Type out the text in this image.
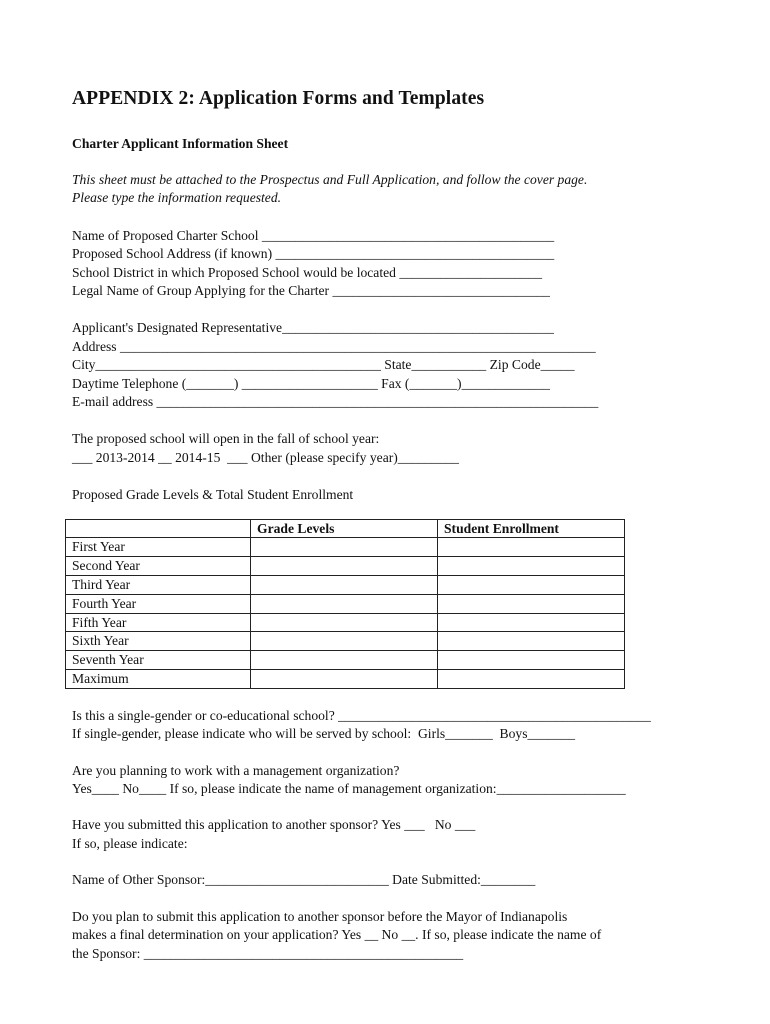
APPENDIX 2: Application Forms and Templates
Charter Applicant Information Sheet
This sheet must be attached to the Prospectus and Full Application, and follow the cover page.
Please type the information requested.
Name of Proposed Charter School ___________________________________________
Proposed School Address (if known) _________________________________________
School District in which Proposed School would be located _____________________
Legal Name of Group Applying for the Charter ________________________________
Applicant's Designated Representative________________________________________
Address ______________________________________________________________________
City__________________________________________ State___________ Zip Code_____
Daytime Telephone (_______) ____________________ Fax (_______)_____________
E-mail address _________________________________________________________________
The proposed school will open in the fall of school year:
___ 2013-2014 __ 2014-15  ___ Other (please specify year)_________
Proposed Grade Levels & Total Student Enrollment
	Grade Levels	Student Enrollment
First Year		
Second Year		
Third Year		
Fourth Year		
Fifth Year		
Sixth Year		
Seventh Year		
Maximum		
Is this a single-gender or co-educational school? ______________________________________________
If single-gender, please indicate who will be served by school:  Girls_______  Boys_______
Are you planning to work with a management organization?
Yes____ No____ If so, please indicate the name of management organization:___________________
Have you submitted this application to another sponsor? Yes ___   No ___
If so, please indicate:
Name of Other Sponsor:___________________________ Date Submitted:________
Do you plan to submit this application to another sponsor before the Mayor of Indianapolis
makes a final determination on your application? Yes __ No __. If so, please indicate the name of
the Sponsor: _______________________________________________
